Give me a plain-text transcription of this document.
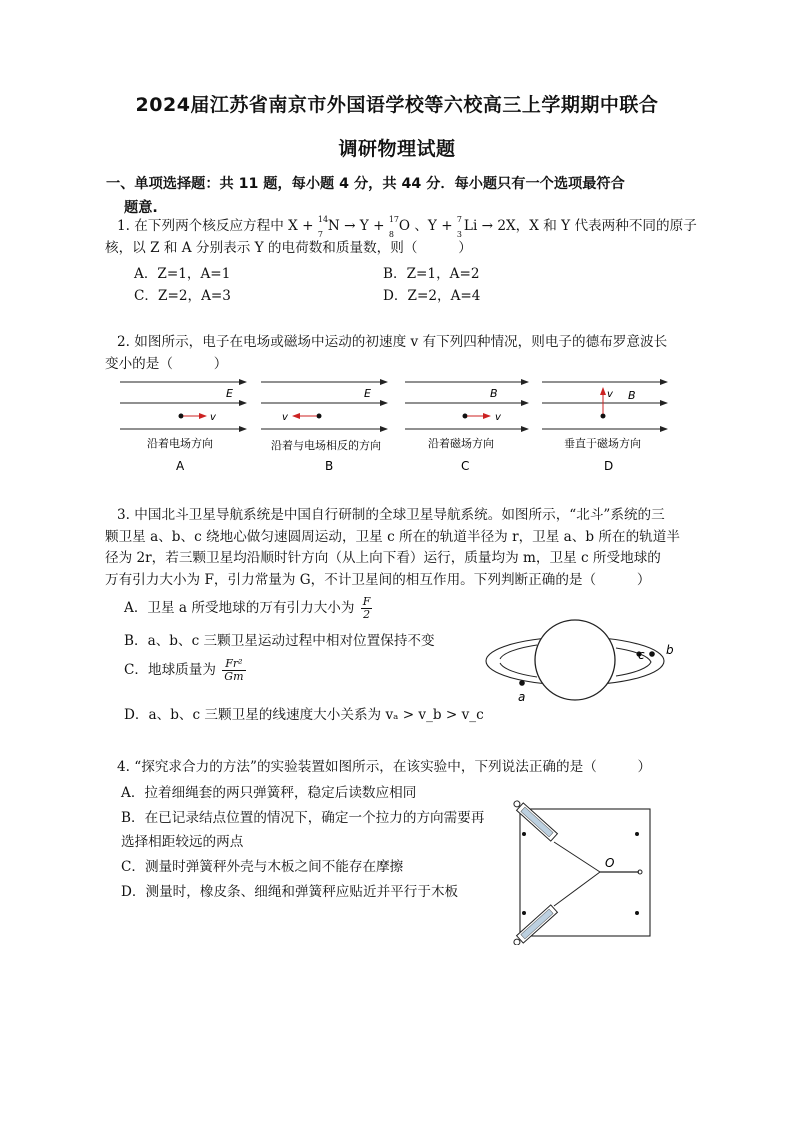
2024届江苏省南京市外国语学校等六校高三上学期期中联合
调研物理试题
一、单项选择题：共 11 题，每小题 4 分，共 44 分．每小题只有一个选项最符合
题意.
1. 在下列两个核反应方程中 X + 14
7
N → Y + 17
8
O 、Y + 7
3
Li → 2X，X 和 Y 代表两种不同的原子
核，以 Z 和 A 分别表示 Y 的电荷数和质量数，则（　　　）
A．Z=1，A=1	B．Z=1，A=2
C．Z=2，A=3	D．Z=2，A=4
2. 如图所示，电子在电场或磁场中运动的初速度 v 有下列四种情况，则电子的德布罗意波长
变小的是（　　　）
E
v
沿着电场方向
A
E
v
沿着与电场相反的方向
B
B
v
沿着磁场方向
C
B
v
垂直于磁场方向
D
3. 中国北斗卫星导航系统是中国自行研制的全球卫星导航系统。如图所示，“北斗”系统的三
颗卫星 a、b、c 绕地心做匀速圆周运动，卫星 c 所在的轨道半径为 r，卫星 a、b 所在的轨道半
径为 2r，若三颗卫星均沿顺时针方向（从上向下看）运行，质量均为 m，卫星 c 所受地球的
万有引力大小为 F，引力常量为 G，不计卫星间的相互作用。下列判断正确的是（　　　）
A．卫星 a 所受地球的万有引力大小为 $\frac{F}{2}$
B．a、b、c 三颗卫星运动过程中相对位置保持不变
C．地球质量为 $\frac{\text{Fr²}}{Gm}$
D．a、b、c 三颗卫星的线速度大小关系为 vₐ > v_b > v_c
a
b
c
4. “探究求合力的方法”的实验装置如图所示，在该实验中，下列说法正确的是（　　　）
A．拉着细绳套的两只弹簧秤，稳定后读数应相同
B．在已记录结点位置的情况下，确定一个拉力的方向需要再
选择相距较远的两点
C．测量时弹簧秤外壳与木板之间不能存在摩擦
D．测量时，橡皮条、细绳和弹簧秤应贴近并平行于木板
O
